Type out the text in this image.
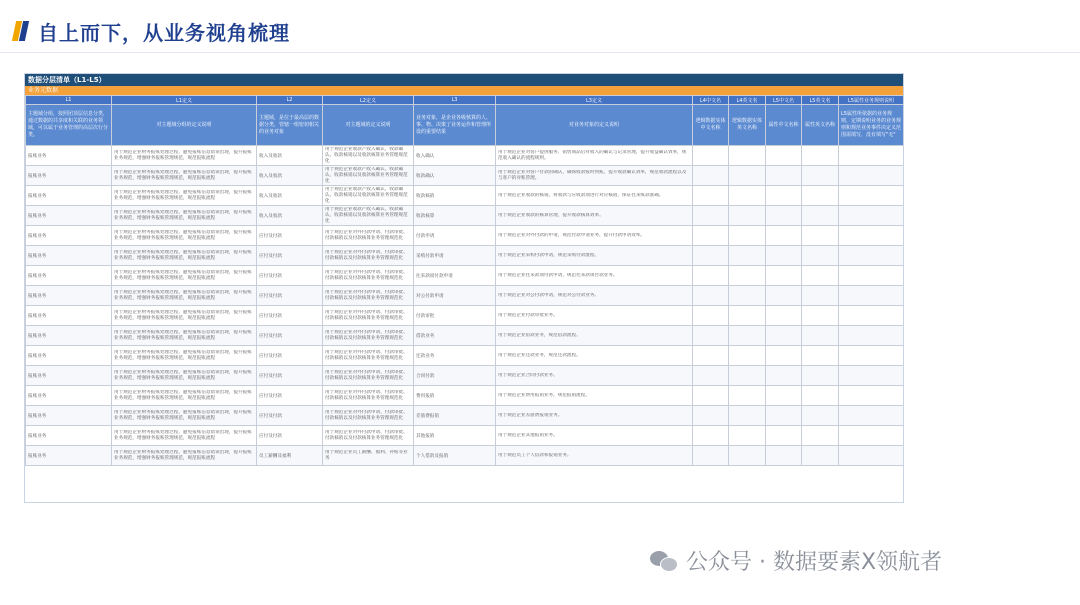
自上而下，从业务视角梳理
数据分层清单（L1-L5）
业务元数据
L1	L1定义	L2	L2定义	L3	L3定义	L4中文名	L4英文名	L5中文名	L5英文名	L5属性业务规则说明
主题域分组，按照团顶层信息分类，通过数据的共享度和关联的业务领域，可以属于业务管理的高层次行分类。	对主题域分组的定义说明	主题域，是位于最高层的数据分类，管辖一组密切相关的业务对象	对主题域的定义说明	业务对象，是企业各级核算的人、事、物、决策了业务运作和管理所设的重要结果	对业务对象的定义说明	逻辑数据实体中文名称	逻辑数据实体英文名称	属性中文名称	属性英文名称	L5属性所依据的业务规则，定期说明业务的业务规则和规范业务事件决定义范围需填写，没有填写"无"
报账业务	用于规范企业财务报账处理过程，避免报账信息错误出现，提升报账业务规范，增强财务报账管理规范，规范报账流程	收入及收款	用于规范企业收款产收入确认、收款确认、收款核销以及收款核算业务管理规范化	收入确认	用于规范企业对客户提供服务、销售商品后对收入的确认与记录管理，提升收益确认效率，规范收入确认的流程规则。					

报账业务	用于规范企业财务报账处理过程，避免报账信息错误出现，提升报账业务规范，增强财务报账管理规范，规范报账流程	收入及收款	用于规范企业收款产收入确认、收款确认、收款核销以及收款核算业务管理规范化	收款确认	用于规范企业对客户付款的确认，确保收款按时到账，提升收款确认效率，规范收款流程以及与客户的对账管理。					

报账业务	用于规范企业财务报账处理过程，避免报账信息错误出现，提升报账业务规范，增强财务报账管理规范，规范报账流程	收入及收款	用于规范企业收款产收入确认、收款确认、收款核销以及收款核算业务管理规范化	收款核销	用于规范企业收款的核销，将收款与应收款项进行对应核销，保证往来账款准确。					

报账业务	用于规范企业财务报账处理过程，避免报账信息错误出现，提升报账业务规范，增强财务报账管理规范，规范报账流程	收入及收款	用于规范企业收款产收入确认、收款确认、收款核销以及收款核算业务管理规范化	收款核算	用于规范企业收款的核算管理，提升收款核算效率。					

报账业务	用于规范企业财务报账处理过程，避免报账信息错误出现，提升报账业务规范，增强财务报账管理规范，规范报账流程	应付及付款	用于规范企业对外付款申请、付款审批、付款核销以及付款核算业务管理规范化	付款申请	用于规范企业对外付款的申请，规范付款申请业务，提升付款申请效率。					

报账业务	用于规范企业财务报账处理过程，避免报账信息错误出现，提升报账业务规范，增强财务报账管理规范，规范报账流程	应付及付款	用于规范企业对外付款申请、付款审批、付款核销以及付款核算业务管理规范化	采购付款申请	用于规范企业采购付款申请，规范采购付款流程。					

报账业务	用于规范企业财务报账处理过程，避免报账信息错误出现，提升报账业务规范，增强财务报账管理规范，规范报账流程	应付及付款	用于规范企业对外付款申请、付款审批、付款核销以及付款核算业务管理规范化	往来款项付款申请	用于规范企业往来款项付款申请，规范往来款项付款业务。					

报账业务	用于规范企业财务报账处理过程，避免报账信息错误出现，提升报账业务规范，增强财务报账管理规范，规范报账流程	应付及付款	用于规范企业对外付款申请、付款审批、付款核销以及付款核算业务管理规范化	对公付款申请	用于规范企业对公付款申请，规范对公付款业务。					

报账业务	用于规范企业财务报账处理过程，避免报账信息错误出现，提升报账业务规范，增强财务报账管理规范，规范报账流程	应付及付款	用于规范企业对外付款申请、付款审批、付款核销以及付款核算业务管理规范化	付款审批	用于规范企业付款审批业务。					

报账业务	用于规范企业财务报账处理过程，避免报账信息错误出现，提升报账业务规范，增强财务报账管理规范，规范报账流程	应付及付款	用于规范企业对外付款申请、付款审批、付款核销以及付款核算业务管理规范化	借款业务	用于规范企业借款业务，规范借款流程。					

报账业务	用于规范企业财务报账处理过程，避免报账信息错误出现，提升报账业务规范，增强财务报账管理规范，规范报账流程	应付及付款	用于规范企业对外付款申请、付款审批、付款核销以及付款核算业务管理规范化	还款业务	用于规范企业还款业务，规范还款流程。					

报账业务	用于规范企业财务报账处理过程，避免报账信息错误出现，提升报账业务规范，增强财务报账管理规范，规范报账流程	应付及付款	用于规范企业对外付款申请、付款审批、付款核销以及付款核算业务管理规范化	合同付款	用于规范企业合同付款业务。					

报账业务	用于规范企业财务报账处理过程，避免报账信息错误出现，提升报账业务规范，增强财务报账管理规范，规范报账流程	应付及付款	用于规范企业对外付款申请、付款审批、付款核销以及付款核算业务管理规范化	费用报销	用于规范企业费用报销业务，规范报销流程。					

报账业务	用于规范企业财务报账处理过程，避免报账信息错误出现，提升报账业务规范，增强财务报账管理规范，规范报账流程	应付及付款	用于规范企业对外付款申请、付款审批、付款核销以及付款核算业务管理规范化	差旅费报销	用于规范企业差旅费报销业务。					

报账业务	用于规范企业财务报账处理过程，避免报账信息错误出现，提升报账业务规范，增强财务报账管理规范，规范报账流程	应付及付款	用于规范企业对外付款申请、付款审批、付款核销以及付款核算业务管理规范化	其他报销	用于规范企业其他报销业务。					

报账业务	用于规范企业财务报账处理过程，避免报账信息错误出现，提升报账业务规范，增强财务报账管理规范，规范报账流程	员工薪酬及福利	用于规范企业员工薪酬、福利、补贴等业务	个人借款及报销	用于规范员工个人借款和报销业务。					

公众号 · 数据要素X领航者
